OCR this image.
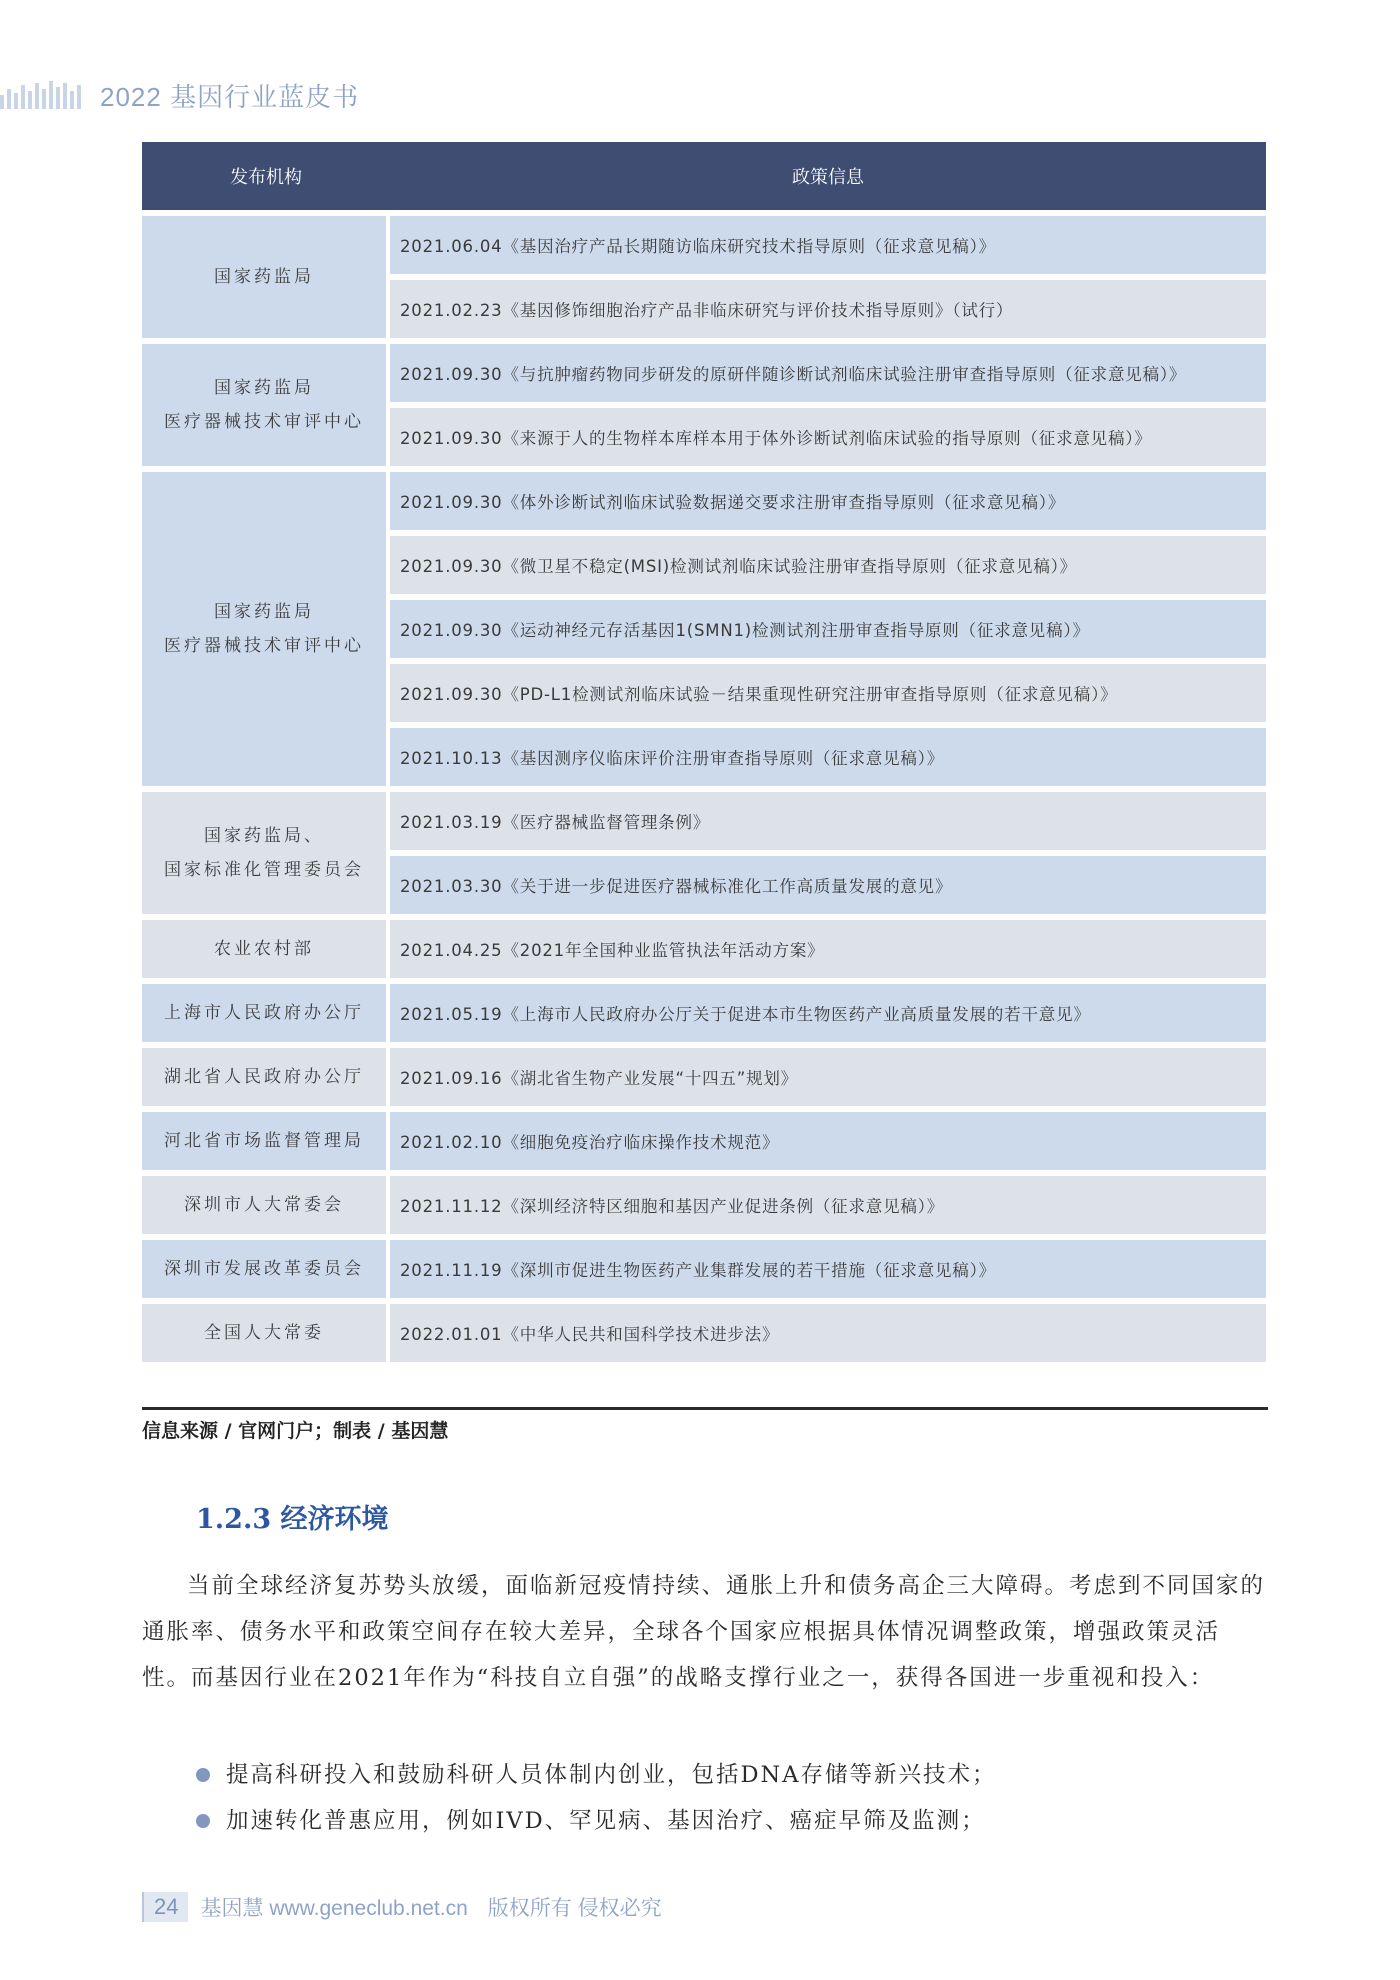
2022 基因行业蓝皮书
发布机构	政策信息
国家药监局
2021.06.04《基因治疗产品长期随访临床研究技术指导原则（征求意见稿）》
2021.02.23《基因修饰细胞治疗产品非临床研究与评价技术指导原则》（试行）
国家药监局
医疗器械技术审评中心
2021.09.30《与抗肿瘤药物同步研发的原研伴随诊断试剂临床试验注册审查指导原则（征求意见稿）》
2021.09.30《来源于人的生物样本库样本用于体外诊断试剂临床试验的指导原则（征求意见稿）》
国家药监局
医疗器械技术审评中心
2021.09.30《体外诊断试剂临床试验数据递交要求注册审查指导原则（征求意见稿）》
2021.09.30《微卫星不稳定(MSI)检测试剂临床试验注册审查指导原则（征求意见稿）》
2021.09.30《运动神经元存活基因1(SMN1)检测试剂注册审查指导原则（征求意见稿）》
2021.09.30《PD-L1检测试剂临床试验－结果重现性研究注册审查指导原则（征求意见稿）》
2021.10.13《基因测序仪临床评价注册审查指导原则（征求意见稿）》
国家药监局、
国家标准化管理委员会
2021.03.19《医疗器械监督管理条例》
2021.03.30《关于进一步促进医疗器械标准化工作高质量发展的意见》
农业农村部	2021.04.25《2021年全国种业监管执法年活动方案》
上海市人民政府办公厅	2021.05.19《上海市人民政府办公厅关于促进本市生物医药产业高质量发展的若干意见》
湖北省人民政府办公厅	2021.09.16《湖北省生物产业发展“十四五”规划》
河北省市场监督管理局	2021.02.10《细胞免疫治疗临床操作技术规范》
深圳市人大常委会	2021.11.12《深圳经济特区细胞和基因产业促进条例（征求意见稿）》
深圳市发展改革委员会	2021.11.19《深圳市促进生物医药产业集群发展的若干措施（征求意见稿）》
全国人大常委	2022.01.01《中华人民共和国科学技术进步法》
信息来源 / 官网门户；制表 / 基因慧
1.2.3 经济环境

当前全球经济复苏势头放缓，面临新冠疫情持续、通胀上升和债务高企三大障碍。考虑到不同国家的通胀率、债务水平和政策空间存在较大差异，全球各个国家应根据具体情况调整政策，增强政策灵活性。而基因行业在2021年作为“科技自立自强”的战略支撑行业之一，获得各国进一步重视和投入：

提高科研投入和鼓励科研人员体制内创业，包括DNA存储等新兴技术；
加速转化普惠应用，例如IVD、罕见病、基因治疗、癌症早筛及监测；
24	基因慧 www.geneclub.net.cn 版权所有 侵权必究
